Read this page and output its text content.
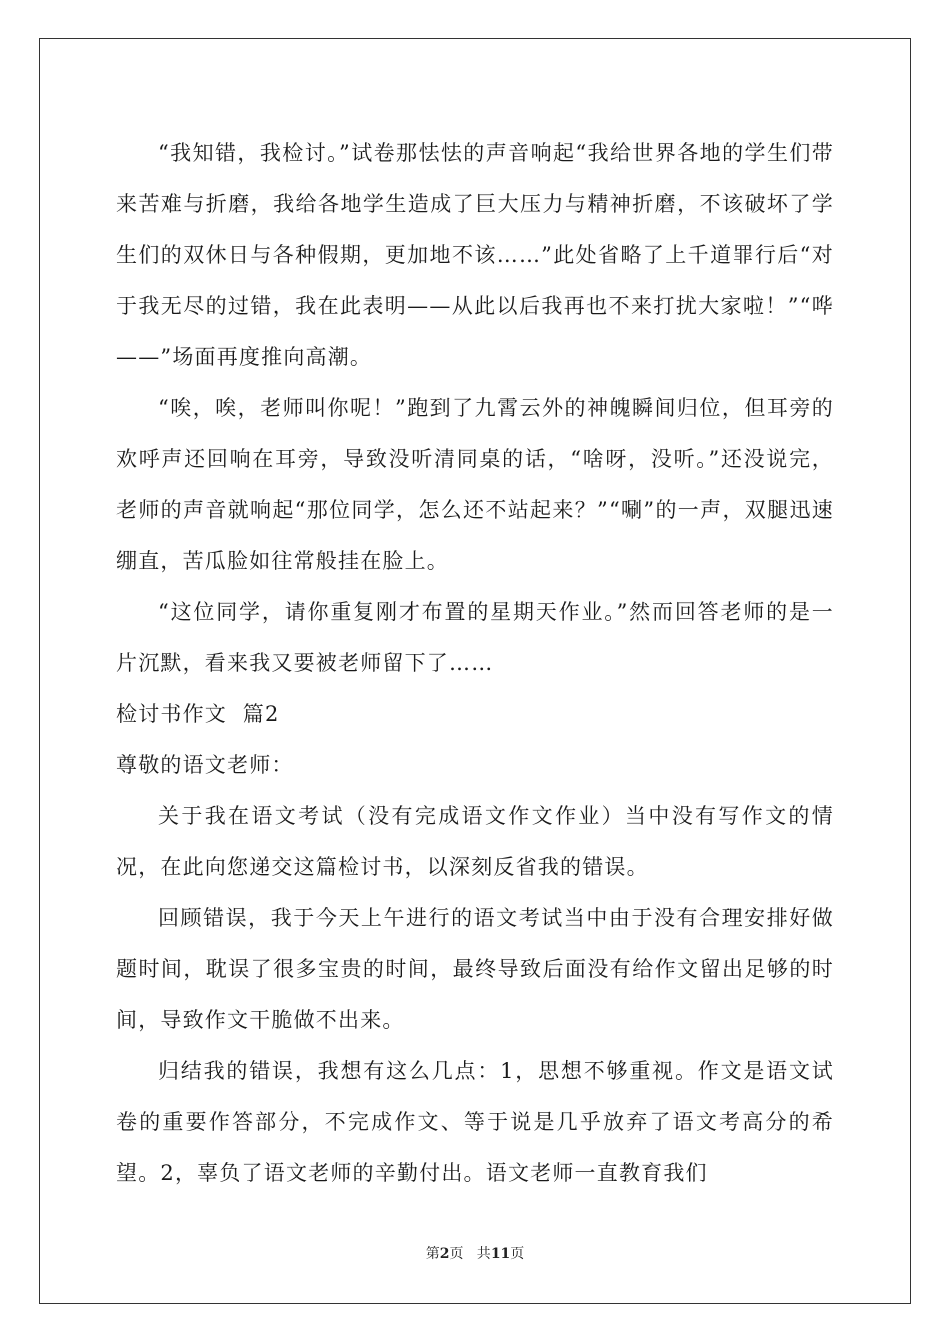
“我知错，我检讨。”试卷那怯怯的声音响起“我给世界各地的学生们带来苦难与折磨，我给各地学生造成了巨大压力与精神折磨，不该破坏了学生们的双休日与各种假期，更加地不该……”此处省略了上千道罪行后“对于我无尽的过错，我在此表明——从此以后我再也不来打扰大家啦！”“哗——”场面再度推向高潮。

“唉，唉，老师叫你呢！”跑到了九霄云外的神魄瞬间归位，但耳旁的欢呼声还回响在耳旁，导致没听清同桌的话，“啥呀，没听。”还没说完，老师的声音就响起“那位同学，怎么还不站起来？”“唰”的一声，双腿迅速绷直，苦瓜脸如往常般挂在脸上。

“这位同学，请你重复刚才布置的星期天作业。”然而回答老师的是一片沉默，看来我又要被老师留下了……

检讨书作文  篇2

尊敬的语文老师：

关于我在语文考试（没有完成语文作文作业）当中没有写作文的情况，在此向您递交这篇检讨书，以深刻反省我的错误。

回顾错误，我于今天上午进行的语文考试当中由于没有合理安排好做题时间，耽误了很多宝贵的时间，最终导致后面没有给作文留出足够的时间，导致作文干脆做不出来。

归结我的错误，我想有这么几点：1，思想不够重视。作文是语文试卷的重要作答部分，不完成作文、等于说是几乎放弃了语文考高分的希望。2，辜负了语文老师的辛勤付出。语文老师一直教育我们

第2页   共11页
